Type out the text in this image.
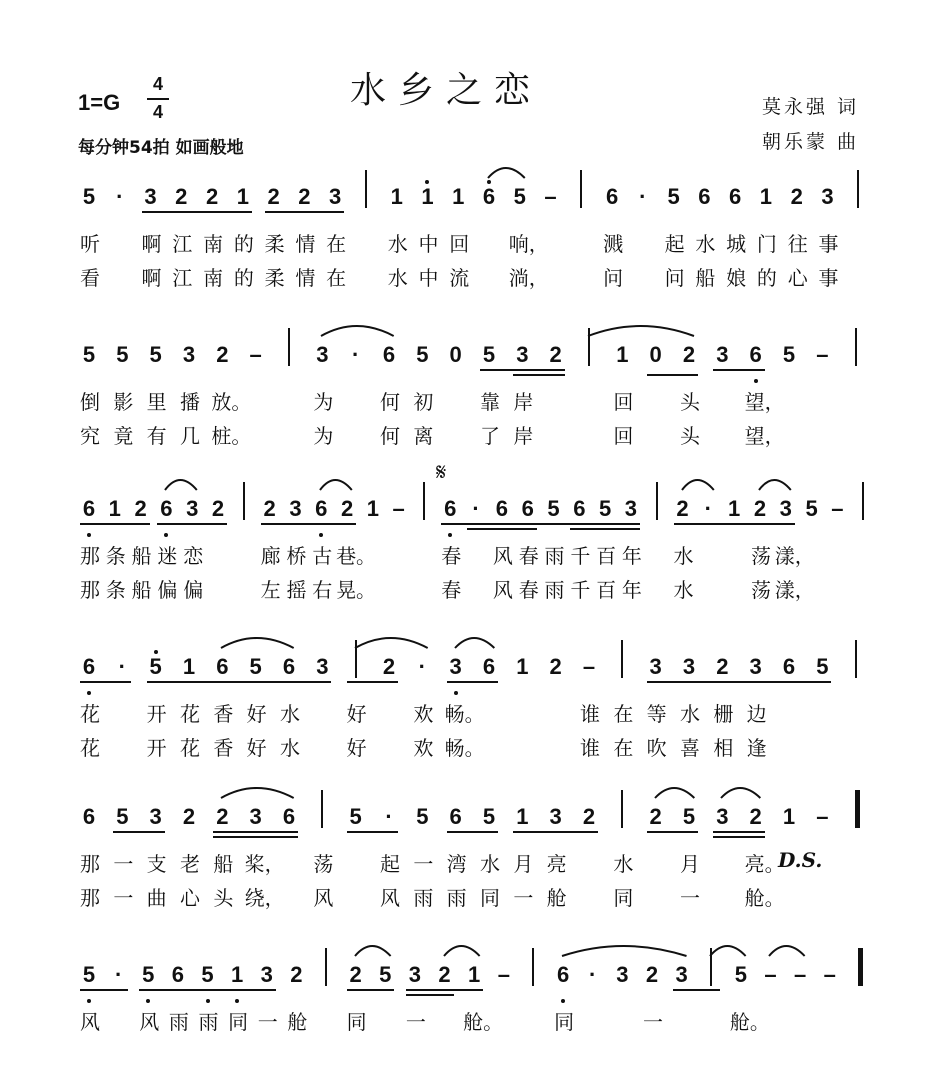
水乡之恋
1=G
4
4
每分钟54拍 如画般地
莫永强 词
朝乐蒙 曲
5 · 3 2 2 1 2 2 3 1 1 1 6 5 – 6 · 5 6 6 1 2 3
听 啊 江 南 的 柔 情 在 水 中 回 响，	溅 起 水 城 门 往 事
看 啊 江 南 的 柔 情 在 水 中 流 淌，	问 问 船 娘 的 心 事
5 5 5 3 2 – 3	·	6 5 0 5 3 2 1 0 2 3 6 5 –
倒 影 里 播 放。	为 何 初 靠 岸	回 头 望，
究 竟 有 几 桩。	为 何 离 了 岸	回 头 望，
6 1 2 6 3 2 2 3 6 2 1 – 6 · 6 6 5 6 5 3 2 · 1 2 3 5 –
那 条 船 迷 恋	廊 桥 古 巷。	春 风 春 雨 千 百 年 水	荡 漾，
那 条 船 偏 偏	左 摇 右 晃。	春 风 春 雨 千 百 年 水	荡 漾，
6	·	5 1 6 5 6 3 2	·	3 6 1 2 – 3 3 2 3 6 5
花 开 花 香 好 水 好 欢 畅。	谁 在 等 水 栅 边
花 开 花 香 好 水 好 欢 畅。	谁 在 吹 喜 相 逢
6 5 3 2 2 3 6 5	·	5 6 5 1 3 2 2 5 3 2 1 –
那 一 支 老 船 桨， 荡 起 一 湾 水 月 亮 水 月 亮。
D.S.
那 一 曲 心 头 绕， 风 风 雨 雨 同 一 舱 同 一 舱。
5 · 5 6 5 1 3 2 2 5 3 2 1 – 6 · 3 2 3 5 – – –
风 风 雨 雨 同 一 舱 同 一 舱。	同	一	舱。
𝄋
